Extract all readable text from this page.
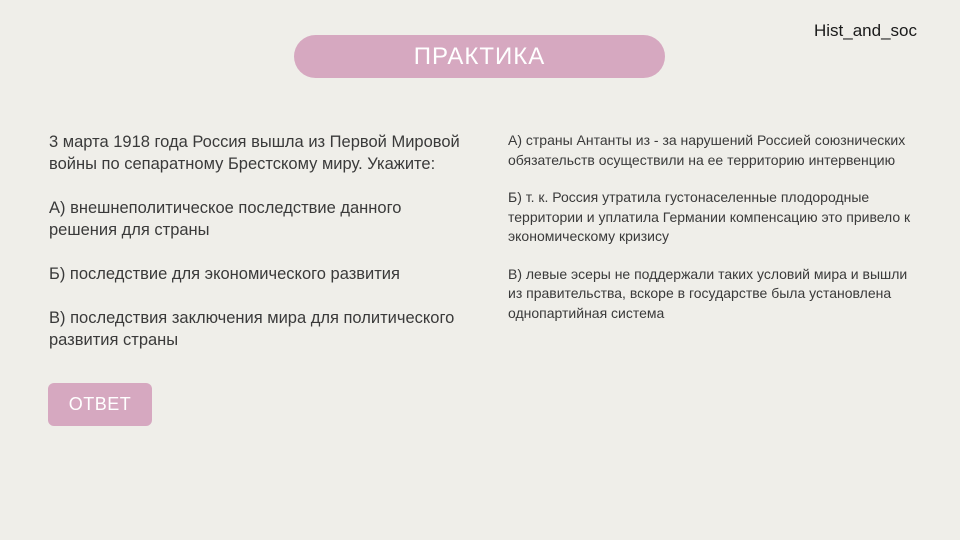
Hist_and_soc
ПРАКТИКА

3 марта 1918 года Россия вышла из Первой Мировой войны по сепаратному Брестскому миру. Укажите:

А) внешнеполитическое последствие данного решения для страны

Б) последствие для экономического развития

В) последствия заключения мира для политического развития страны

ОТВЕТ

А) страны Антанты из - за нарушений Россией союзнических обязательств осуществили на ее территорию интервенцию

Б) т. к. Россия утратила густонаселенные плодородные территории и уплатила Германии компенсацию это привело к экономическому кризису

В) левые эсеры не поддержали таких условий мира и вышли из правительства, вскоре в государстве была установлена однопартийная система
